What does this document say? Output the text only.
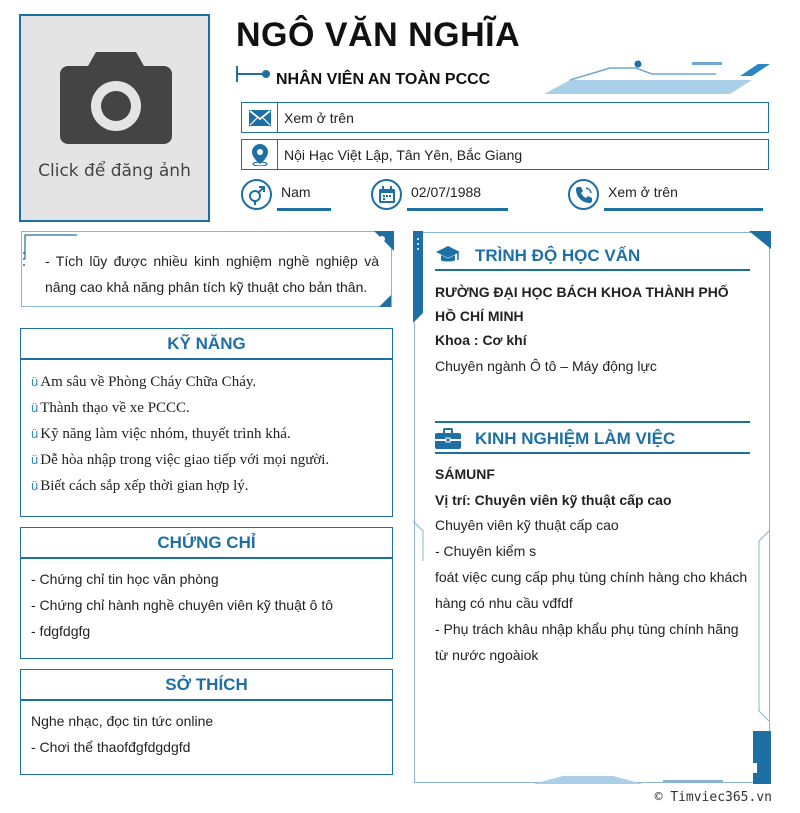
Click để đăng ảnh
NGÔ VĂN NGHĨA
NHÂN VIÊN AN TOÀN PCCC
Xem ở trên
Nội Hạc Việt Lập, Tân Yên, Bắc Giang
Nam	02/07/1988	Xem ở trên
- Tích lũy được nhiều kinh nghiệm nghề nghiệp và nâng cao khả năng phân tích kỹ thuật cho bản thân.
KỸ NĂNG
ü Am sâu về Phòng Cháy Chữa Cháy.
ü Thành thạo về xe PCCC.
ü Kỹ năng làm việc nhóm, thuyết trình khá.
ü Dễ hòa nhập trong việc giao tiếp với mọi người.
ü Biết cách sắp xếp thời gian hợp lý.
CHỨNG CHỈ
- Chứng chỉ tin học văn phòng
- Chứng chỉ hành nghề chuyên viên kỹ thuật ô tô
- fdgfdgfg
SỞ THÍCH
Nghe nhạc, đọc tin tức online
- Chơi thể thaofđgfdgdgfd
TRÌNH ĐỘ HỌC VẤN
RƯỜNG ĐẠI HỌC BÁCH KHOA THÀNH PHỐ HỒ CHÍ MINH
Khoa : Cơ khí
Chuyên ngành Ô tô – Máy động lực
KINH NGHIỆM LÀM VIỆC
SÁMUNF
Vị trí: Chuyên viên kỹ thuật cấp cao
Chuyên viên kỹ thuật cấp cao
- Chuyên kiểm s
foát việc cung cấp phụ tùng chính hàng cho khách hàng có nhu cầu vđfdf
- Phụ trách khâu nhập khẩu phụ tùng chính hãng từ nước ngoàiok
© Timviec365.vn
